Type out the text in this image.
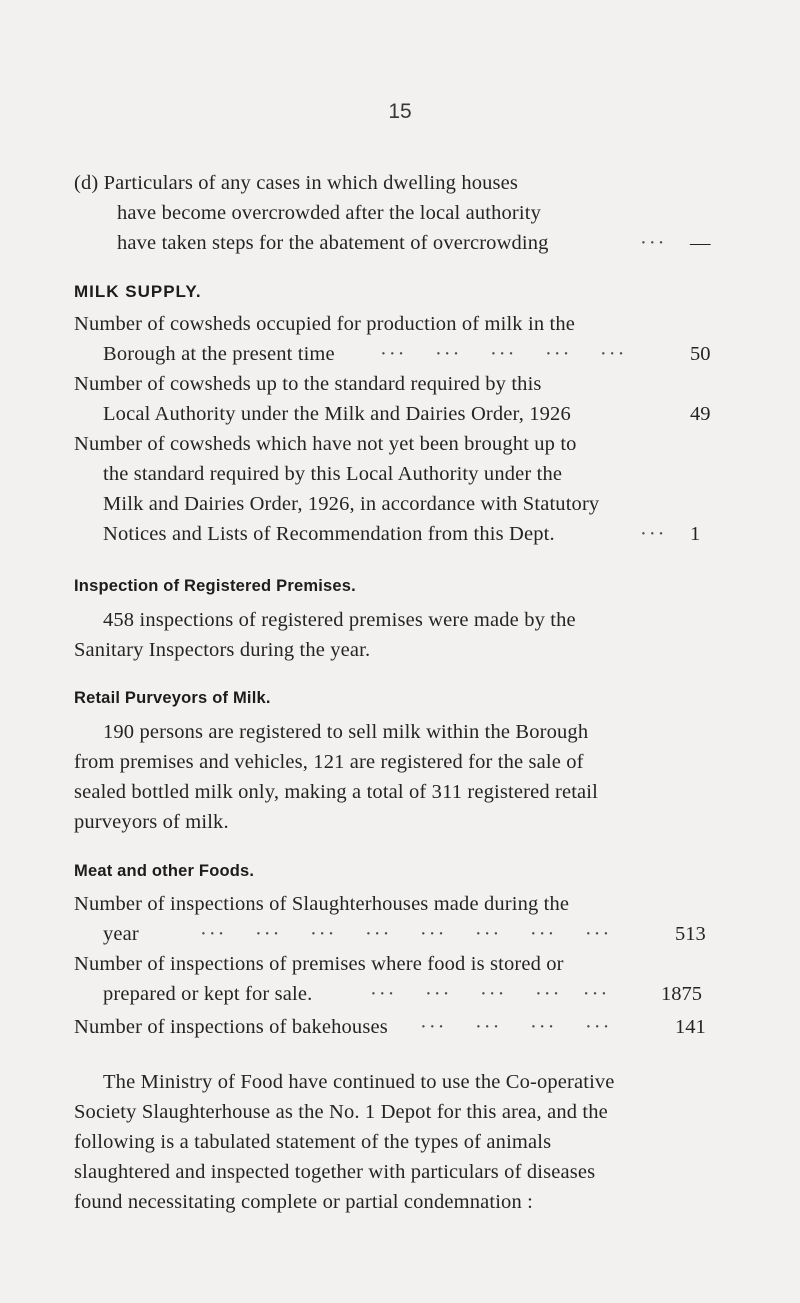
15
(d) Particulars of any cases in which dwelling houses
have become overcrowded after the local authority
have taken steps for the abatement of overcrowding	··· —
MILK SUPPLY.
Number of cowsheds occupied for production of milk in the
Borough at the present time ···    ···    ···    ···    ···	50
Number of cowsheds up to the standard required by this
Local Authority under the Milk and Dairies Order, 1926	49
Number of cowsheds which have not yet been brought up to
the standard required by this Local Authority under the
Milk and Dairies Order, 1926, in accordance with Statutory
Notices and Lists of Recommendation from this Dept.	··· 1
Inspection of Registered Premises.
458 inspections of registered premises were made by the
Sanitary Inspectors during the year.
Retail Purveyors of Milk.
190 persons are registered to sell milk within the Borough
from premises and vehicles, 121 are registered for the sale of
sealed bottled milk only, making a total of 311 registered retail
purveyors of milk.
Meat and other Foods.
Number of inspections of Slaughterhouses made during the
year	···    ···    ···    ···    ···    ···    ···    ···	513
Number of inspections of premises where food is stored or
prepared or kept for sale.	···    ···    ···    ···   ···	1875
Number of inspections of bakehouses ···    ···    ···    ···	141
The Ministry of Food have continued to use the Co-operative
Society Slaughterhouse as the No. 1 Depot for this area, and the
following is a tabulated statement of the types of animals
slaughtered and inspected together with particulars of diseases
found necessitating complete or partial condemnation :
